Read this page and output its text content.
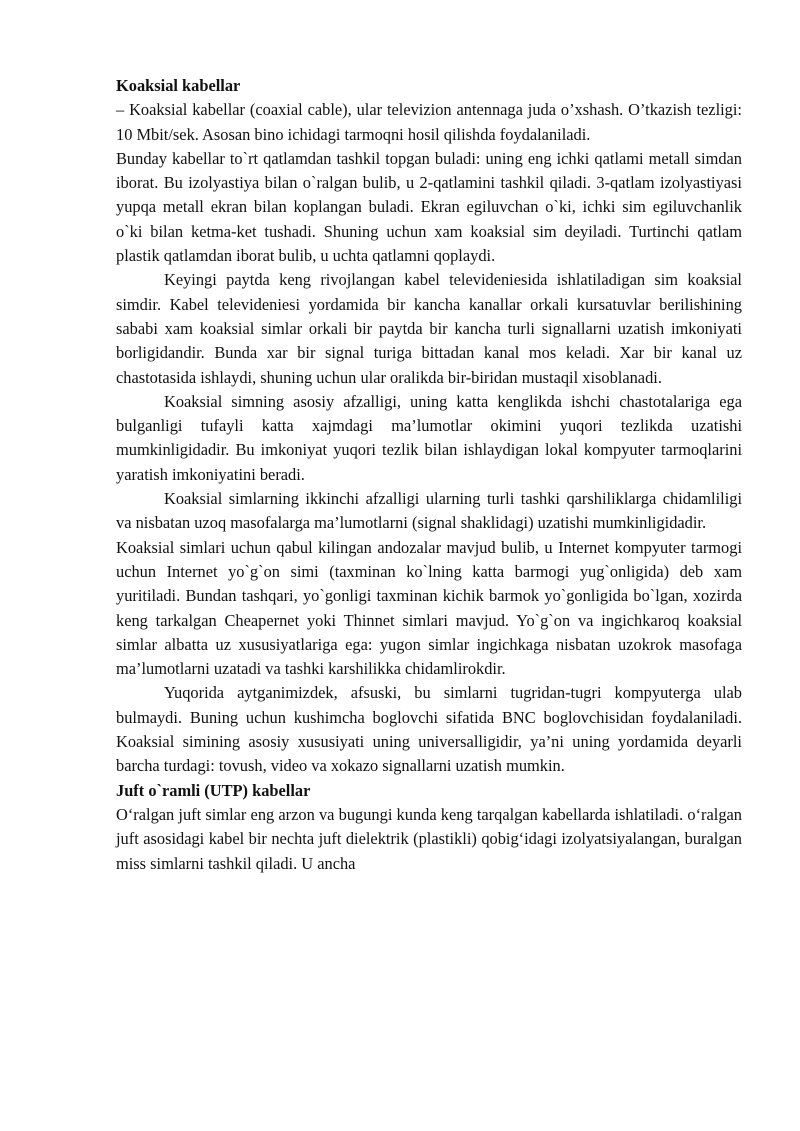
Koaksial kabellar

– Koaksial kabellar (coaxial cable), ular televizion antennaga juda o’xshash. O’tkazish tezligi: 10 Mbit/sek. Asosan bino ichidagi tarmoqni hosil qilishda foydalaniladi.

Bunday kabellar to`rt qatlamdan tashkil topgan buladi: uning eng ichki qatlami metall simdan iborat. Bu izolyastiya bilan o`ralgan bulib, u 2-qatlamini tashkil qiladi. 3-qatlam izolyastiyasi yupqa metall ekran bilan koplangan buladi. Ekran egiluvchan o`ki, ichki sim egiluvchanlik o`ki bilan ketma-ket tushadi. Shuning uchun xam koaksial sim deyiladi. Turtinchi qatlam plastik qatlamdan iborat bulib, u uchta qatlamni qoplaydi.

Keyingi paytda keng rivojlangan kabel televideniesida ishlatiladigan sim koaksial simdir. Kabel televideniesi yordamida bir kancha kanallar orkali kursatuvlar berilishining sababi xam koaksial simlar orkali bir paytda bir kancha turli signallarni uzatish imkoniyati borligidandir. Bunda xar bir signal turiga bittadan kanal mos keladi. Xar bir kanal uz chastotasida ishlaydi, shuning uchun ular oralikda bir-biridan mustaqil xisoblanadi.

Koaksial simning asosiy afzalligi, uning katta kenglikda ishchi chastotalariga ega bulganligi tufayli katta xajmdagi ma’lumotlar okimini yuqori tezlikda uzatishi mumkinligidadir. Bu imkoniyat yuqori tezlik bilan ishlaydigan lokal kompyuter tarmoqlarini yaratish imkoniyatini beradi.

Koaksial simlarning ikkinchi afzalligi ularning turli tashki qarshiliklarga chidamliligi va nisbatan uzoq masofalarga ma’lumotlarni (signal shaklidagi) uzatishi mumkinligidadir.

Koaksial simlari uchun qabul kilingan andozalar mavjud bulib, u Internet kompyuter tarmogi uchun Internet yo`g`on simi (taxminan ko`lning katta barmogi yug`onligida) deb xam yuritiladi. Bundan tashqari, yo`gonligi taxminan kichik barmok yo`gonligida bo`lgan, xozirda keng tarkalgan Cheapernet yoki Thinnet simlari mavjud. Yo`g`on va ingichkaroq koaksial simlar albatta uz xususiyatlariga ega: yugon simlar ingichkaga nisbatan uzokrok masofaga ma’lumotlarni uzatadi va tashki karshilikka chidamlirokdir.

Yuqorida aytganimizdek, afsuski, bu simlarni tugridan-tugri kompyuterga ulab bulmaydi. Buning uchun kushimcha boglovchi sifatida BNC boglovchisidan foydalaniladi. Koaksial simining asosiy xususiyati uning universalligidir, ya’ni uning yordamida deyarli barcha turdagi: tovush, video va xokazo signallarni uzatish mumkin.

Juft o`ramli (UTP) kabellar

O‘ralgan juft simlar eng arzon va bugungi kunda keng tarqalgan kabellarda ishlatiladi. o‘ralgan juft asosidagi kabel bir nechta juft dielektrik (plastikli) qobig‘idagi izolyatsiyalangan, buralgan miss simlarni tashkil qiladi. U ancha
